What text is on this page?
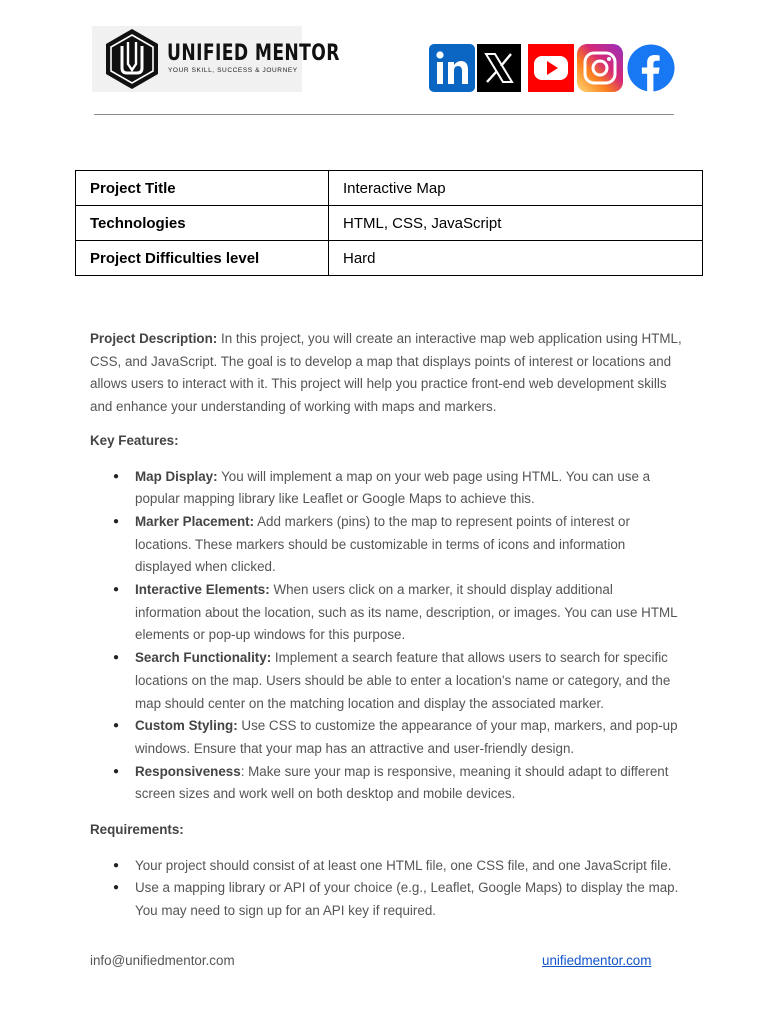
UNIFIED MENTOR
YOUR SKILL, SUCCESS & JOURNEY
Project Title	Interactive Map
Technologies	HTML, CSS, JavaScript
Project Difficulties level	Hard

Project Description: In this project, you will create an interactive map web application using HTML, CSS, and JavaScript. The goal is to develop a map that displays points of interest or locations and allows users to interact with it. This project will help you practice front-end web development skills and enhance your understanding of working with maps and markers.

Key Features:

● Map Display: You will implement a map on your web page using HTML. You can use a popular mapping library like Leaflet or Google Maps to achieve this.
● Marker Placement: Add markers (pins) to the map to represent points of interest or locations. These markers should be customizable in terms of icons and information displayed when clicked.
● Interactive Elements: When users click on a marker, it should display additional information about the location, such as its name, description, or images. You can use HTML elements or pop-up windows for this purpose.
● Search Functionality: Implement a search feature that allows users to search for specific locations on the map. Users should be able to enter a location's name or category, and the map should center on the matching location and display the associated marker.
● Custom Styling: Use CSS to customize the appearance of your map, markers, and pop-up windows. Ensure that your map has an attractive and user-friendly design.
● Responsiveness: Make sure your map is responsive, meaning it should adapt to different screen sizes and work well on both desktop and mobile devices.

Requirements:

● Your project should consist of at least one HTML file, one CSS file, and one JavaScript file.
● Use a mapping library or API of your choice (e.g., Leaflet, Google Maps) to display the map. You may need to sign up for an API key if required.
info@unifiedmentor.com	unifiedmentor.com
